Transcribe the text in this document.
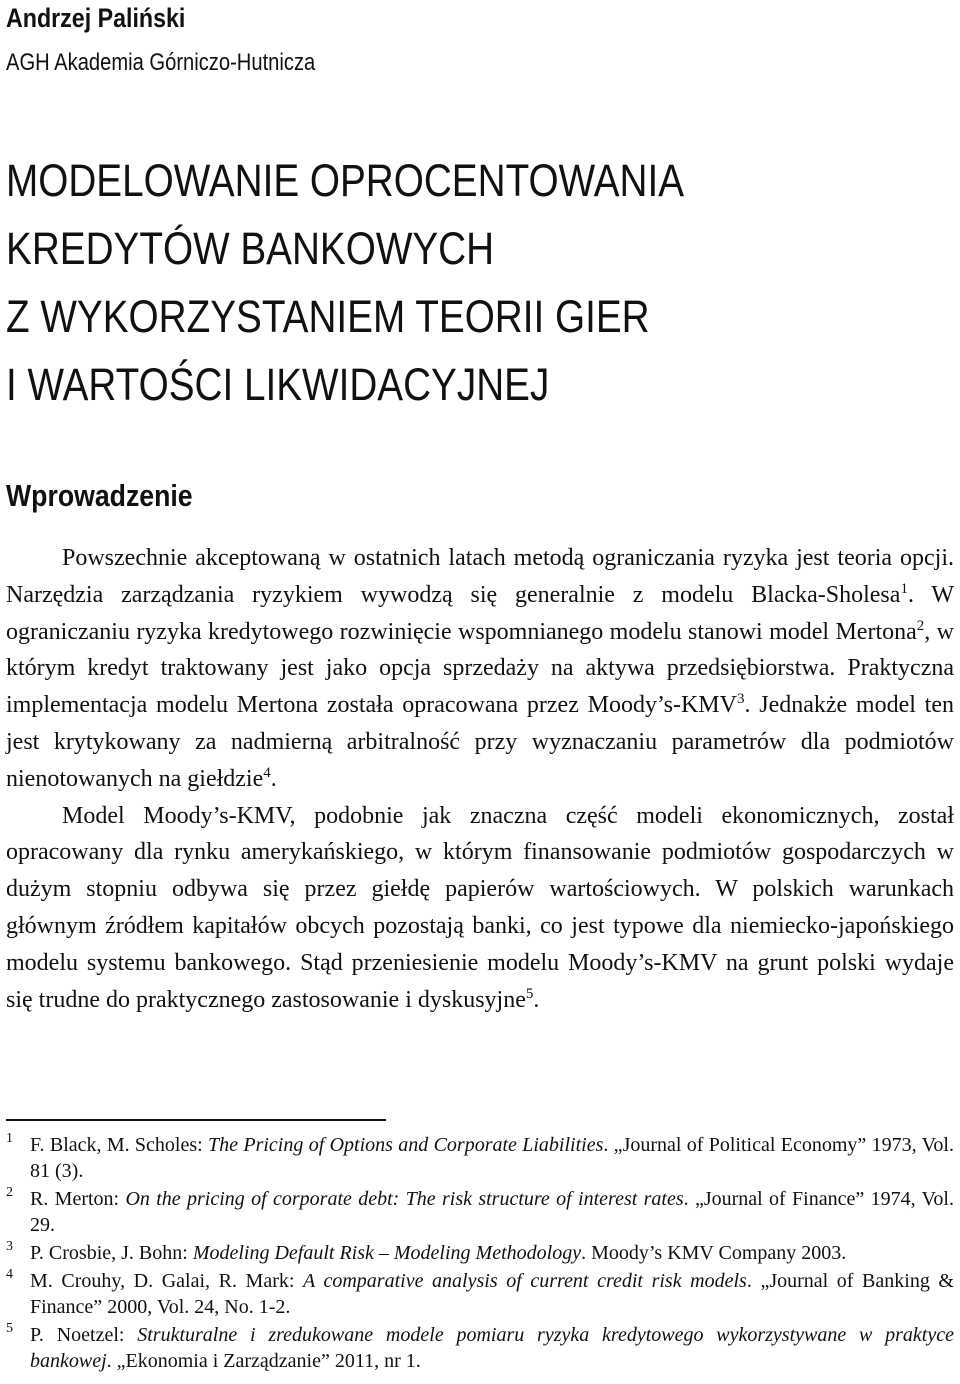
Andrzej Paliński
AGH Akademia Górniczo-Hutnicza
MODELOWANIE OPROCENTOWANIA
KREDYTÓW BANKOWYCH
Z WYKORZYSTANIEM TEORII GIER
I WARTOŚCI LIKWIDACYJNEJ
Wprowadzenie

Powszechnie akceptowaną w ostatnich latach metodą ograniczania ryzyka jest teoria opcji. Narzędzia zarządzania ryzykiem wywodzą się generalnie z modelu Blacka-Sholesa$^1$. W ograniczaniu ryzyka kredytowego rozwinięcie wspomnianego modelu stanowi model Mertona$^2$, w którym kredyt traktowany jest jako opcja sprzedaży na aktywa przedsiębiorstwa. Praktyczna implementacja modelu Mertona została opracowana przez Moody’s-KMV$^3$. Jednakże model ten jest krytykowany za nadmierną arbitralność przy wyznaczaniu parametrów dla podmiotów nienotowanych na giełdzie$^4$.

Model Moody’s-KMV, podobnie jak znaczna część modeli ekonomicznych, został opracowany dla rynku amerykańskiego, w którym finansowanie podmiotów gospodarczych w dużym stopniu odbywa się przez giełdę papierów wartościowych. W polskich warunkach głównym źródłem kapitałów obcych pozostają banki, co jest typowe dla niemiecko-japońskiego modelu systemu bankowego. Stąd przeniesienie modelu Moody’s-KMV na grunt polski wydaje się trudne do praktycznego zastosowanie i dyskusyjne$^5$.

1 F. Black, M. Scholes: The Pricing of Options and Corporate Liabilities. „Journal of Political Economy” 1973, Vol. 81 (3).
2 R. Merton: On the pricing of corporate debt: The risk structure of interest rates. „Journal of Finance” 1974, Vol. 29.
3 P. Crosbie, J. Bohn: Modeling Default Risk – Modeling Methodology. Moody’s KMV Company 2003.
4 M. Crouhy, D. Galai, R. Mark: A comparative analysis of current credit risk models. „Journal of Banking & Finance” 2000, Vol. 24, No. 1-2.
5 P. Noetzel: Strukturalne i zredukowane modele pomiaru ryzyka kredytowego wykorzystywane w praktyce bankowej. „Ekonomia i Zarządzanie” 2011, nr 1.
